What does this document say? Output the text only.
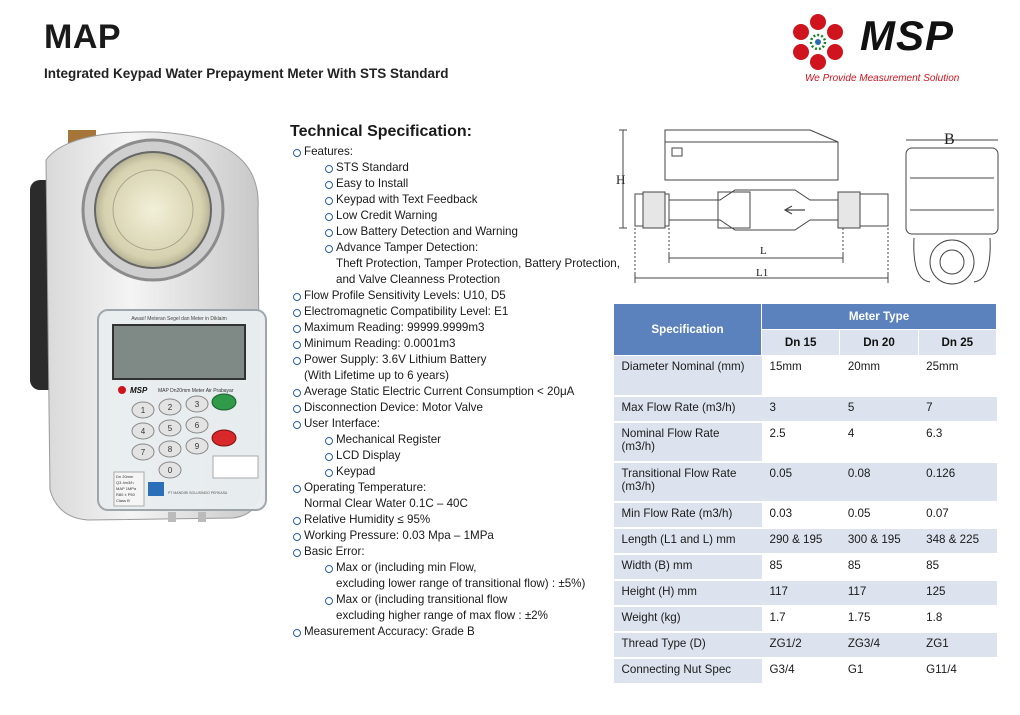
MAP
Integrated Keypad Water Prepayment Meter With STS Standard
MSP
We Provide Measurement Solution
Awasi! Meteran Segel dan Meter in Diklaim
MSP MAP Dn20mm Meter Air Prabayar
1	2	3
4	5	6
7	8	9
0
Dn 20mm
Q3 4m3/h
MAP 1MPa
R80 ± P50
Class B
PT MANDIRI SOLUSINDO PERKASA
Technical Specification:
Features:
STS Standard
Easy to Install
Keypad with Text Feedback
Low Credit Warning
Low Battery Detection and Warning
Advance Tamper Detection:
Theft Protection, Tamper Protection, Battery Protection,
and Valve Cleanness Protection
Flow Profile Sensitivity Levels: U10, D5
Electromagnetic Compatibility Level: E1
Maximum Reading: 99999.9999m3
Minimum Reading: 0.0001m3
Power Supply: 3.6V Lithium Battery
(With Lifetime up to 6 years)
Average Static Electric Current Consumption < 20μA
Disconnection Device: Motor Valve
User Interface:
Mechanical Register
LCD Display
Keypad
Operating Temperature:
Normal Clear Water 0.1C – 40C
Relative Humidity ≤ 95%
Working Pressure: 0.03 Mpa – 1MPa
Basic Error:
Max or (including min Flow,
excluding lower range of transitional flow) : ±5%)
Max or (including transitional flow
excluding higher range of max flow : ±2%
Measurement Accuracy: Grade B
H
L
L1
B
Specification	Meter Type		
	Dn 15	Dn 20	Dn 25
Diameter Nominal (mm)	15mm	20mm	25mm
Max Flow Rate (m3/h)	3	5	7
Nominal Flow Rate (m3/h)	2.5	4	6.3
Transitional Flow Rate (m3/h)	0.05	0.08	0.126
Min Flow Rate (m3/h)	0.03	0.05	0.07
Length (L1 and L) mm	290 & 195	300 & 195	348 & 225
Width (B) mm	85	85	85
Height (H) mm	117	117	125
Weight (kg)	1.7	1.75	1.8
Thread Type (D)	ZG1/2	ZG3/4	ZG1
Connecting Nut Spec	G3/4	G1	G11/4
